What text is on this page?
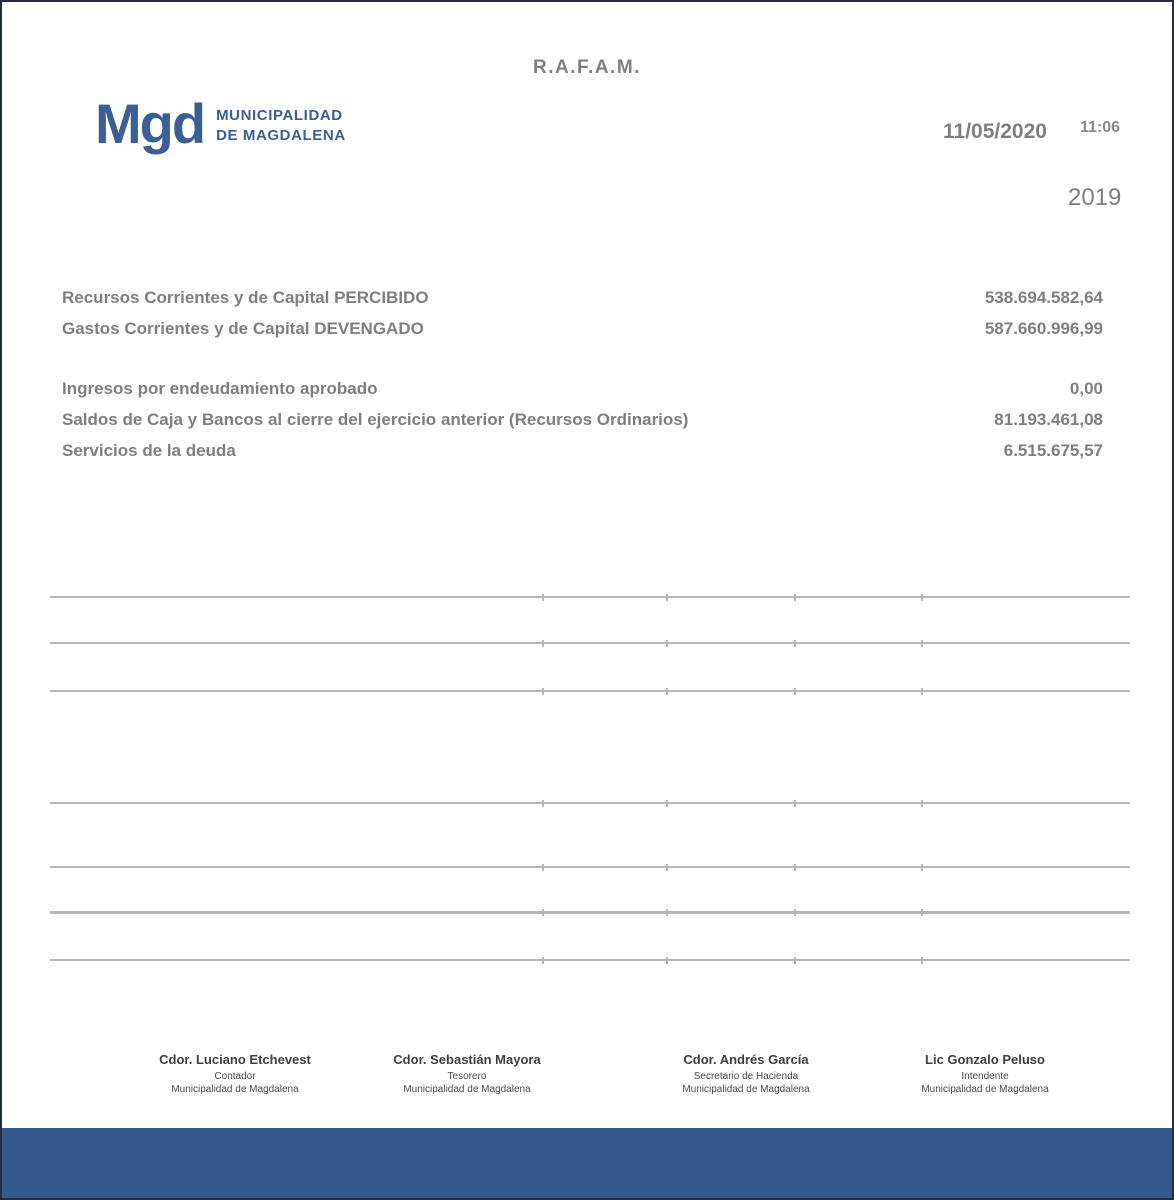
R.A.F.A.M.
Mgd MUNICIPALIDAD
DE MAGDALENA	11/05/2020 11:06
2019
Recursos Corrientes y de Capital PERCIBIDO	538.694.582,64
Gastos Corrientes y de Capital DEVENGADO	587.660.996,99
Ingresos por endeudamiento aprobado	0,00
Saldos de Caja y Bancos al cierre del ejercicio anterior (Recursos Ordinarios)	81.193.461,08
Servicios de la deuda	6.515.675,57
Cdor. Luciano Etchevest
Contador
Municipalidad de Magdalena
Cdor. Sebastián Mayora
Tesorero
Municipalidad de Magdalena
Cdor. Andrés García
Secretario de Hacienda
Municipalidad de Magdalena
Lic Gonzalo Peluso
Intendente
Municipalidad de Magdalena
